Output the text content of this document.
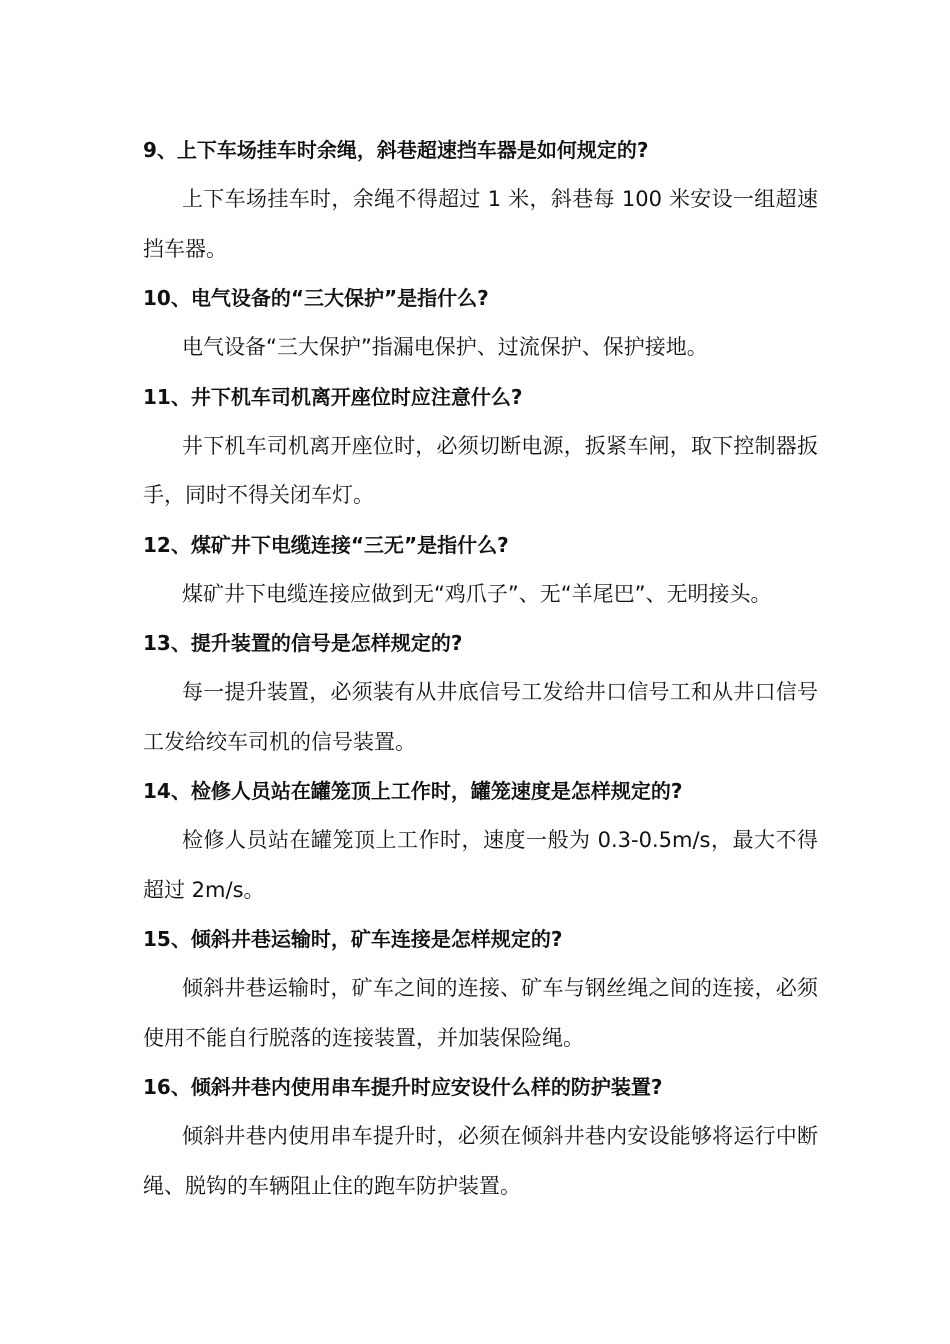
9、上下车场挂车时余绳，斜巷超速挡车器是如何规定的?

上下车场挂车时，余绳不得超过 1 米，斜巷每 100 米安设一组超速挡车器。

10、电气设备的“三大保护”是指什么?

电气设备“三大保护”指漏电保护、过流保护、保护接地。

11、井下机车司机离开座位时应注意什么?

井下机车司机离开座位时，必须切断电源，扳紧车闸，取下控制器扳手，同时不得关闭车灯。

12、煤矿井下电缆连接“三无”是指什么?

煤矿井下电缆连接应做到无“鸡爪子”、无“羊尾巴”、无明接头。

13、提升装置的信号是怎样规定的?

每一提升装置，必须装有从井底信号工发给井口信号工和从井口信号工发给绞车司机的信号装置。

14、检修人员站在罐笼顶上工作时，罐笼速度是怎样规定的?

检修人员站在罐笼顶上工作时，速度一般为 0.3-0.5m/s，最大不得超过 2m/s。

15、倾斜井巷运输时，矿车连接是怎样规定的?

倾斜井巷运输时，矿车之间的连接、矿车与钢丝绳之间的连接，必须使用不能自行脱落的连接装置，并加装保险绳。

16、倾斜井巷内使用串车提升时应安设什么样的防护装置?

倾斜井巷内使用串车提升时，必须在倾斜井巷内安设能够将运行中断绳、脱钩的车辆阻止住的跑车防护装置。
